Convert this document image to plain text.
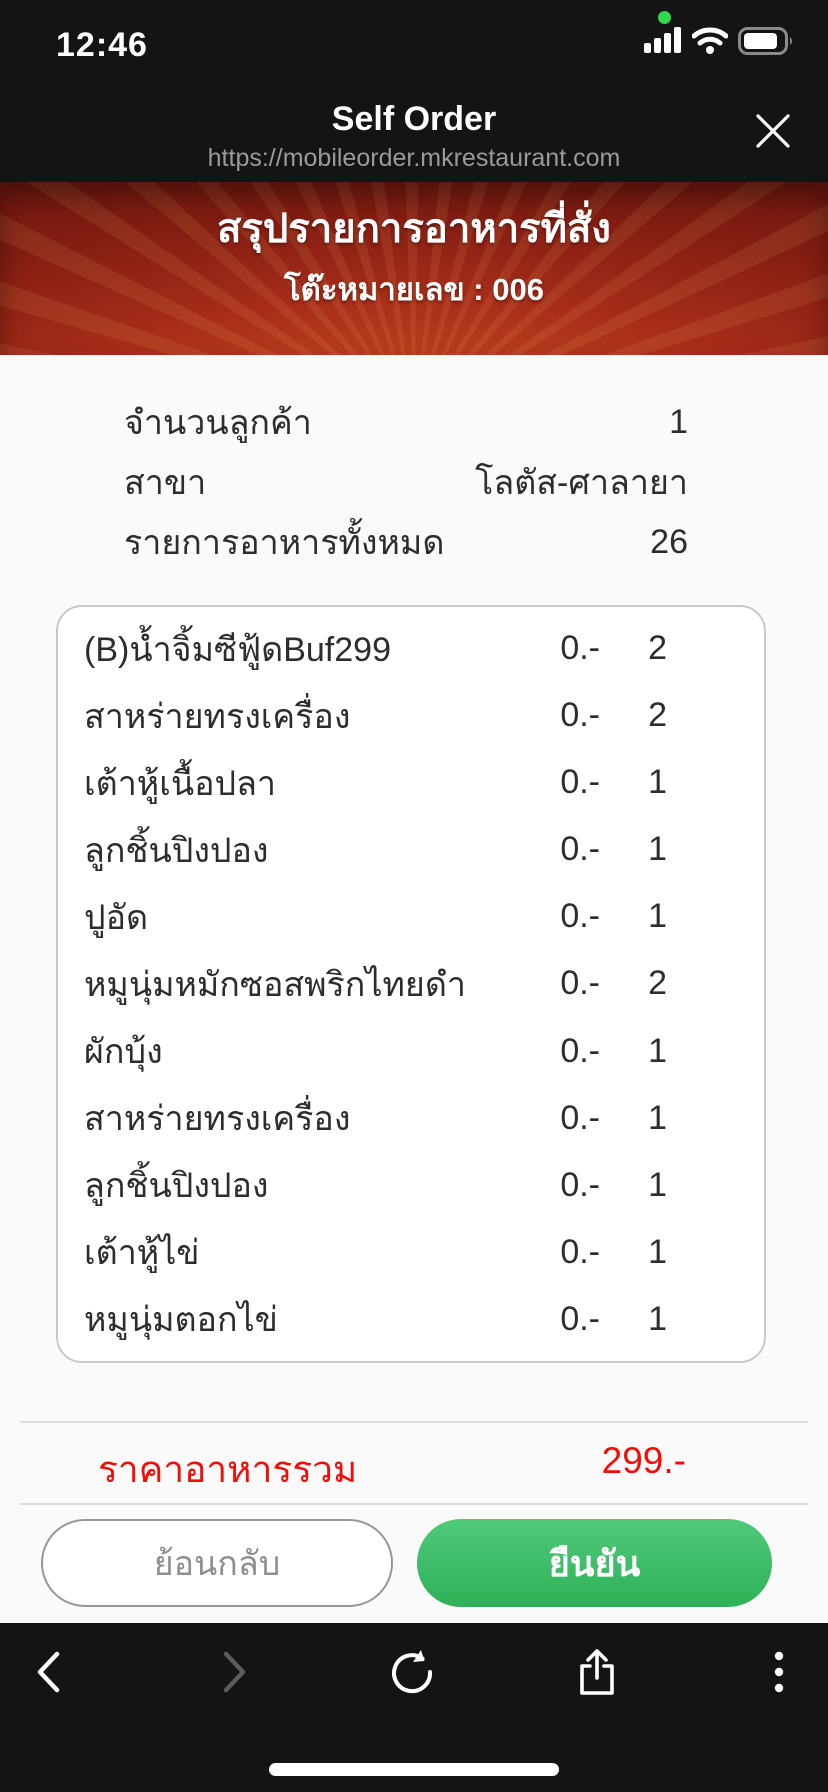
12:46
Self Order
https://mobileorder.mkrestaurant.com
สรุปรายการอาหารที่สั่ง
โต๊ะหมายเลข : 006
จำนวนลูกค้า	1
สาขา	โลตัส-ศาลายา
รายการอาหารทั้งหมด	26
(B)น้ำจิ้มซีฟู้ดBuf299	0.-	2
สาหร่ายทรงเครื่อง	0.-	2
เต้าหู้เนื้อปลา	0.-	1
ลูกชิ้นปิงปอง	0.-	1
ปูอัด	0.-	1
หมูนุ่มหมักซอสพริกไทยดำ	0.-	2
ผักบุ้ง	0.-	1
สาหร่ายทรงเครื่อง	0.-	1
ลูกชิ้นปิงปอง	0.-	1
เต้าหู้ไข่	0.-	1
หมูนุ่มตอกไข่	0.-	1
ราคาอาหารรวม	299.-
ย้อนกลับ	ยืนยัน
